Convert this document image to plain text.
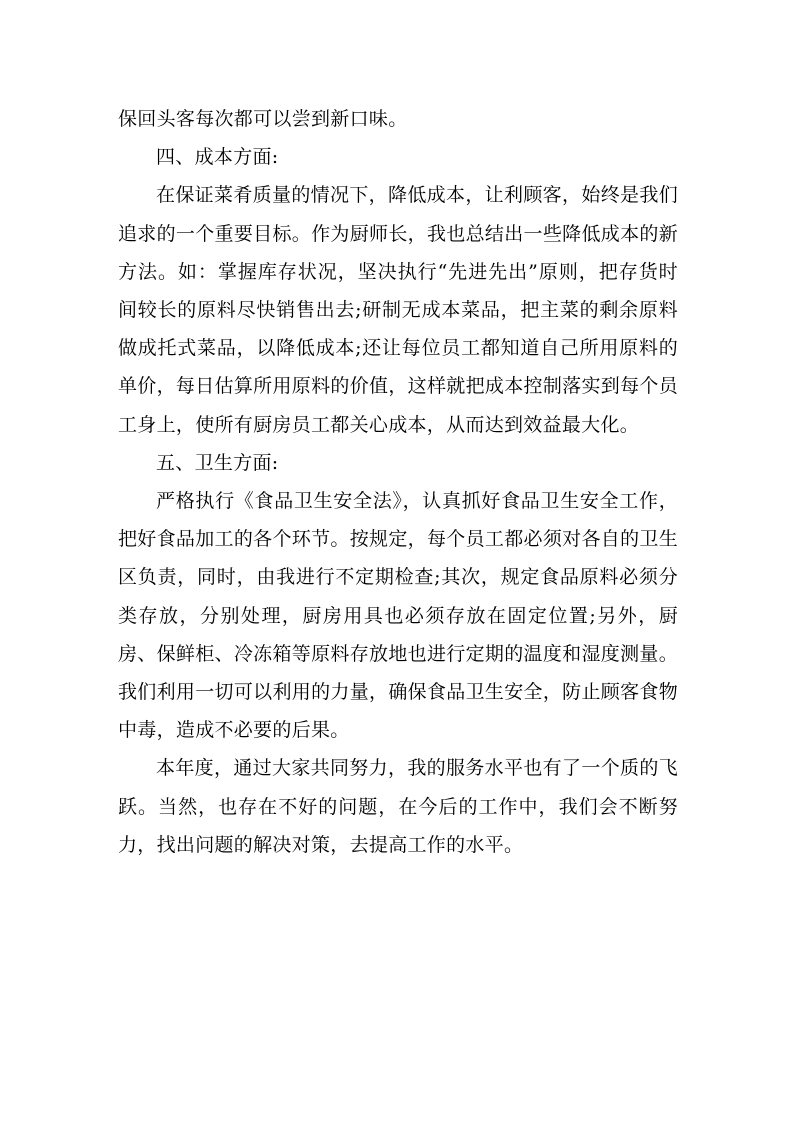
保回头客每次都可以尝到新口味。

四、成本方面:

在保证菜肴质量的情况下，降低成本，让利顾客，始终是我们追求的一个重要目标。作为厨师长，我也总结出一些降低成本的新方法。如：掌握库存状况，坚决执行“先进先出”原则，把存货时间较长的原料尽快销售出去;研制无成本菜品，把主菜的剩余原料做成托式菜品，以降低成本;还让每位员工都知道自己所用原料的单价，每日估算所用原料的价值，这样就把成本控制落实到每个员工身上，使所有厨房员工都关心成本，从而达到效益最大化。

五、卫生方面:

严格执行《食品卫生安全法》，认真抓好食品卫生安全工作，把好食品加工的各个环节。按规定，每个员工都必须对各自的卫生区负责，同时，由我进行不定期检查;其次，规定食品原料必须分类存放，分别处理，厨房用具也必须存放在固定位置;另外，厨房、保鲜柜、冷冻箱等原料存放地也进行定期的温度和湿度测量。我们利用一切可以利用的力量，确保食品卫生安全，防止顾客食物中毒，造成不必要的后果。

本年度，通过大家共同努力，我的服务水平也有了一个质的飞跃。当然，也存在不好的问题，在今后的工作中，我们会不断努力，找出问题的解决对策，去提高工作的水平。
